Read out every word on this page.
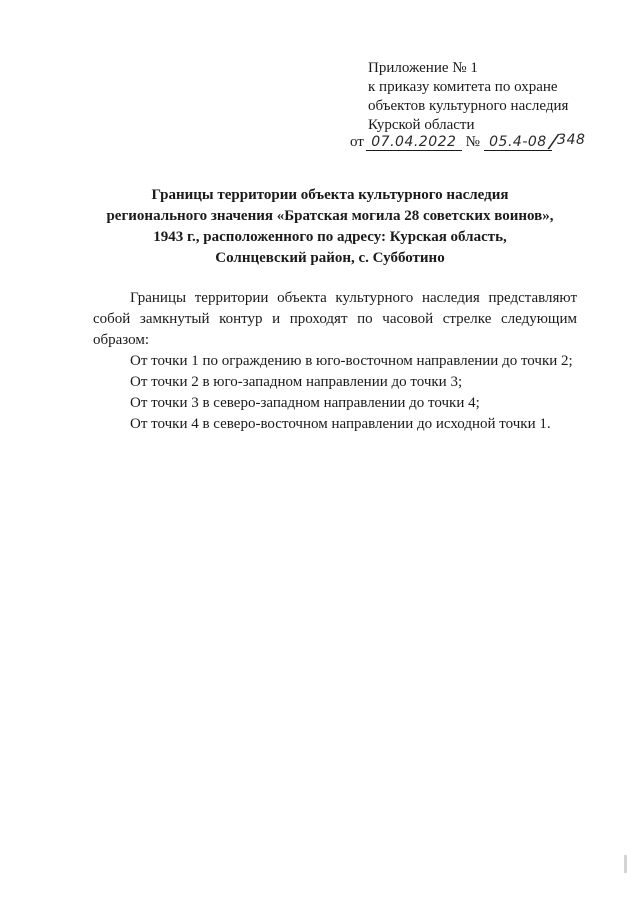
Приложение № 1
к приказу комитета по охране
объектов культурного наследия
Курской области
от 07.04.2022 № 05.4-08/348
Границы территории объекта культурного наследия
регионального значения «Братская могила 28 советских воинов»,
1943 г., расположенного по адресу: Курская область,
Солнцевский район, с. Субботино

Границы территории объекта культурного наследия представляют собой замкнутый контур и проходят по часовой стрелке следующим образом:

От точки 1 по ограждению в юго-восточном направлении до точки 2;

От точки 2 в юго-западном направлении до точки 3;

От точки 3 в северо-западном направлении до точки 4;

От точки 4 в северо-восточном направлении до исходной точки 1.
